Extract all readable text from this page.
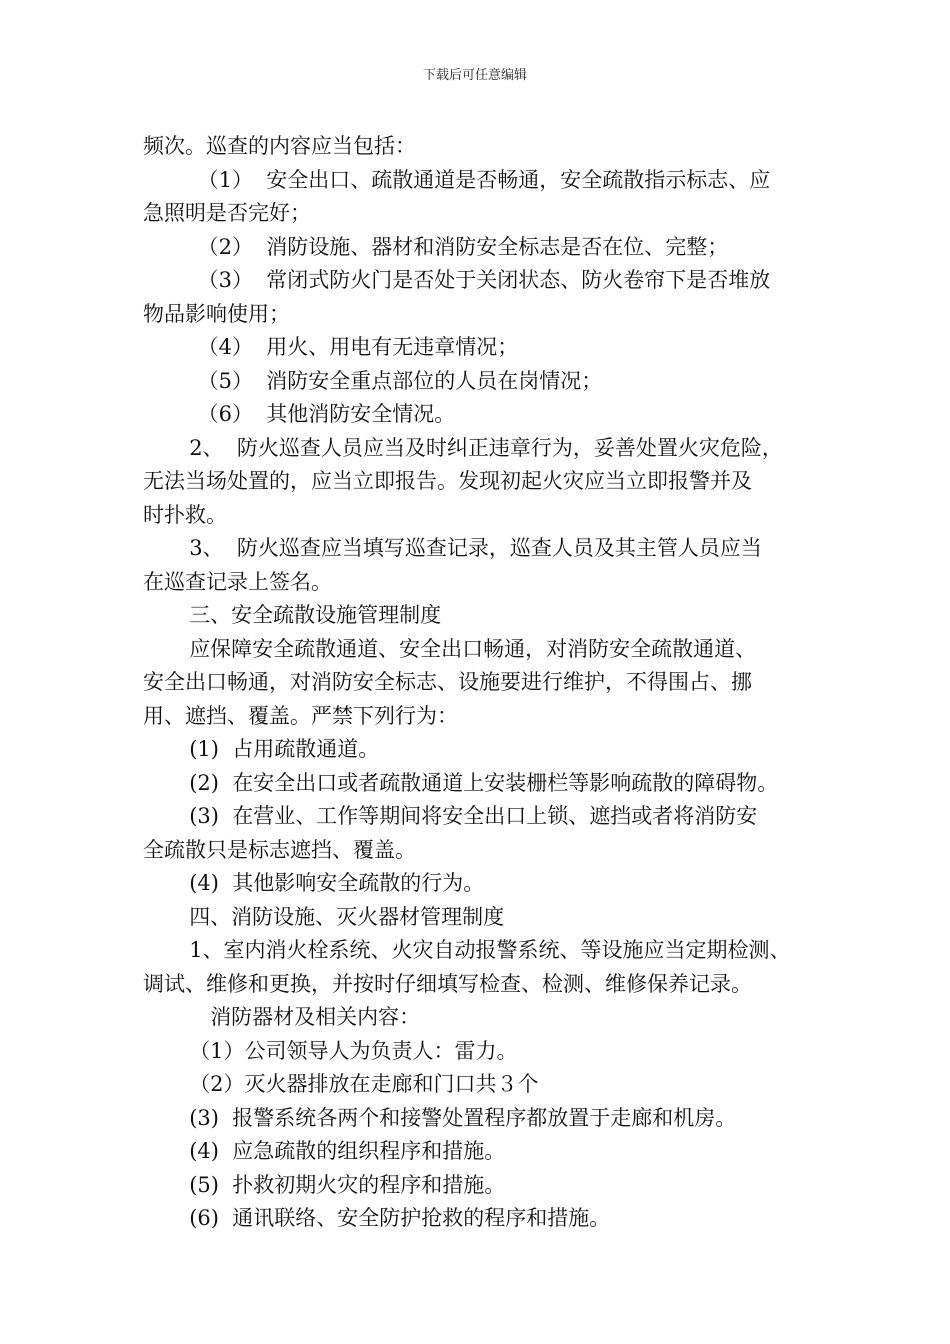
下载后可任意编辑

频次。巡查的内容应当包括：

（1）  安全出口、疏散通道是否畅通，安全疏散指示标志、应

急照明是否完好；

（2）  消防设施、器材和消防安全标志是否在位、完整；

（3）  常闭式防火门是否处于关闭状态、防火卷帘下是否堆放

物品影响使用；

（4）  用火、用电有无违章情况；

（5）  消防安全重点部位的人员在岗情况；

（6）  其他消防安全情况。

2、  防火巡查人员应当及时纠正违章行为，妥善处置火灾危险，

无法当场处置的，应当立即报告。发现初起火灾应当立即报警并及

时扑救。

3、  防火巡查应当填写巡查记录，巡查人员及其主管人员应当

在巡查记录上签名。

三、安全疏散设施管理制度

应保障安全疏散通道、安全出口畅通，对消防安全疏散通道、

安全出口畅通，对消防安全标志、设施要进行维护，不得围占、挪

用、遮挡、覆盖。严禁下列行为：

(1)  占用疏散通道。

(2)  在安全出口或者疏散通道上安装栅栏等影响疏散的障碍物。

(3)  在营业、工作等期间将安全出口上锁、遮挡或者将消防安

全疏散只是标志遮挡、覆盖。

(4)  其他影响安全疏散的行为。

四、消防设施、灭火器材管理制度

1、室内消火栓系统、火灾自动报警系统、等设施应当定期检测、

调试、维修和更换，并按时仔细填写检查、检测、维修保养记录。

消防器材及相关内容：

（1）公司领导人为负责人：雷力。

（2）灭火器排放在走廊和门口共３个

(3)  报警系统各两个和接警处置程序都放置于走廊和机房。

(4)  应急疏散的组织程序和措施。

(5)  扑救初期火灾的程序和措施。

(6)  通讯联络、安全防护抢救的程序和措施。
